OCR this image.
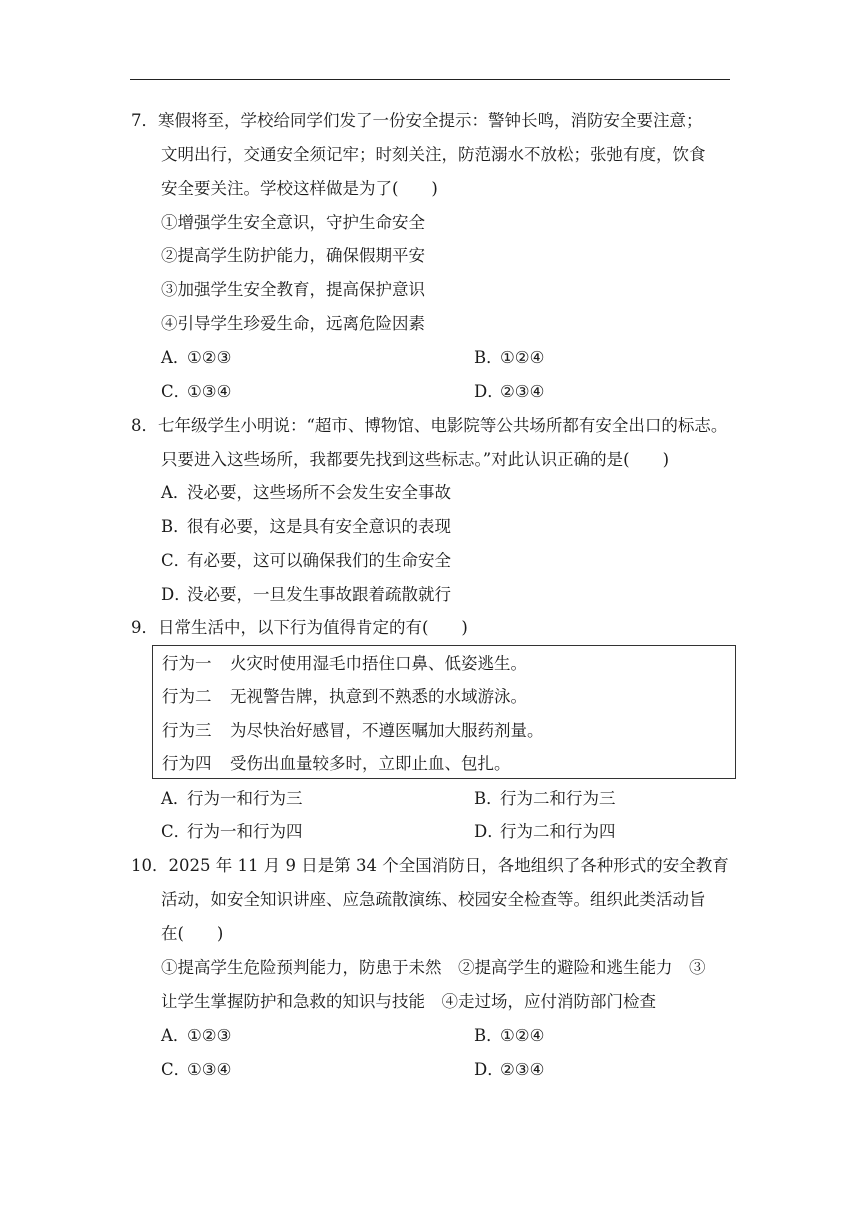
7．寒假将至，学校给同学们发了一份安全提示：警钟长鸣，消防安全要注意；
文明出行，交通安全须记牢；时刻关注，防范溺水不放松；张弛有度，饮食
安全要关注。学校这样做是为了(　　)
①增强学生安全意识，守护生命安全
②提高学生防护能力，确保假期平安
③加强学生安全教育，提高保护意识
④引导学生珍爱生命，远离危险因素
A．①②③	B．①②④
C．①③④	D．②③④
8．七年级学生小明说：“超市、博物馆、电影院等公共场所都有安全出口的标志。
只要进入这些场所，我都要先找到这些标志。”对此认识正确的是(　　)
A．没必要，这些场所不会发生安全事故
B．很有必要，这是具有安全意识的表现
C．有必要，这可以确保我们的生命安全
D．没必要，一旦发生事故跟着疏散就行
9．日常生活中，以下行为值得肯定的有(　　)
行为一 火灾时使用湿毛巾捂住口鼻、低姿逃生。
行为二 无视警告牌，执意到不熟悉的水域游泳。
行为三 为尽快治好感冒，不遵医嘱加大服药剂量。
行为四 受伤出血量较多时，立即止血、包扎。
A．行为一和行为三	B．行为二和行为三
C．行为一和行为四	D．行为二和行为四
10．2025 年 11 月 9 日是第 34 个全国消防日，各地组织了各种形式的安全教育
活动，如安全知识讲座、应急疏散演练、校园安全检查等。组织此类活动旨
在(　　)
①提高学生危险预判能力，防患于未然　②提高学生的避险和逃生能力　③
让学生掌握防护和急救的知识与技能　④走过场，应付消防部门检查
A．①②③	B．①②④
C．①③④	D．②③④
